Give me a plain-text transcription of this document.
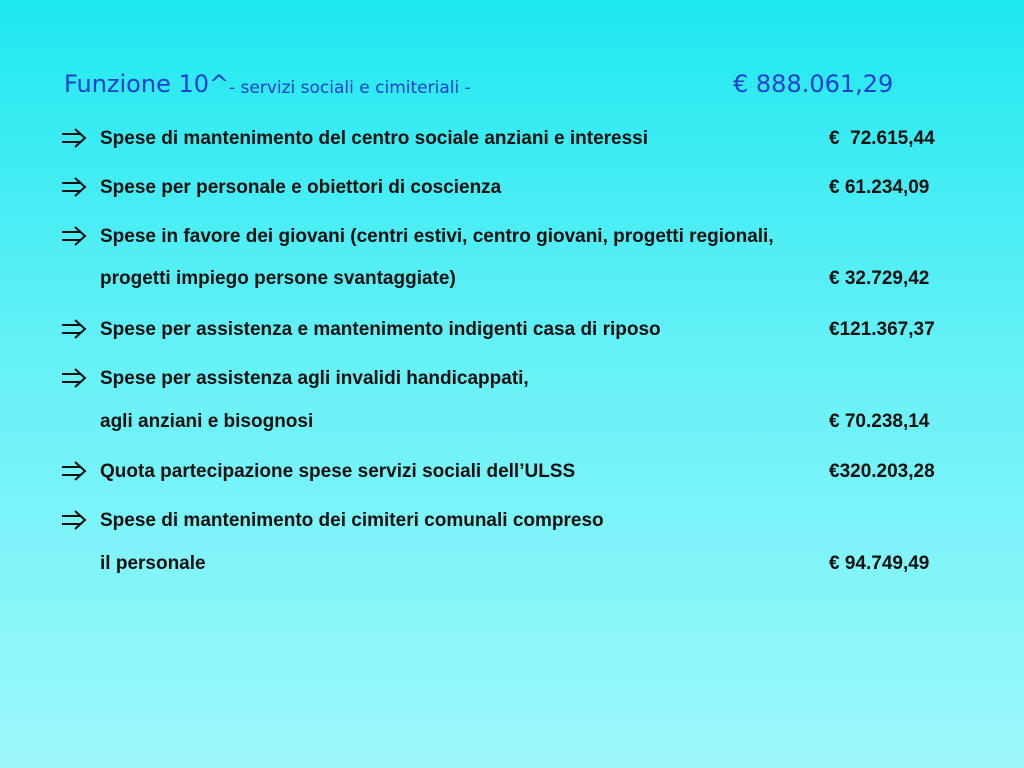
Funzione 10^ - servizi sociali e cimiteriali -	€ 888.061,29
Spese di mantenimento del centro sociale anziani e interessi	€  72.615,44
Spese per personale e obiettori di coscienza	€ 61.234,09
Spese in favore dei giovani (centri estivi, centro giovani, progetti regionali,
progetti impiego persone svantaggiate)	€ 32.729,42
Spese per assistenza e mantenimento indigenti casa di riposo	€121.367,37
Spese per assistenza agli invalidi handicappati,
agli anziani e bisognosi	€ 70.238,14
Quota partecipazione spese servizi sociali dell’ULSS	€320.203,28
Spese di mantenimento dei cimiteri comunali compreso
il personale	€ 94.749,49
